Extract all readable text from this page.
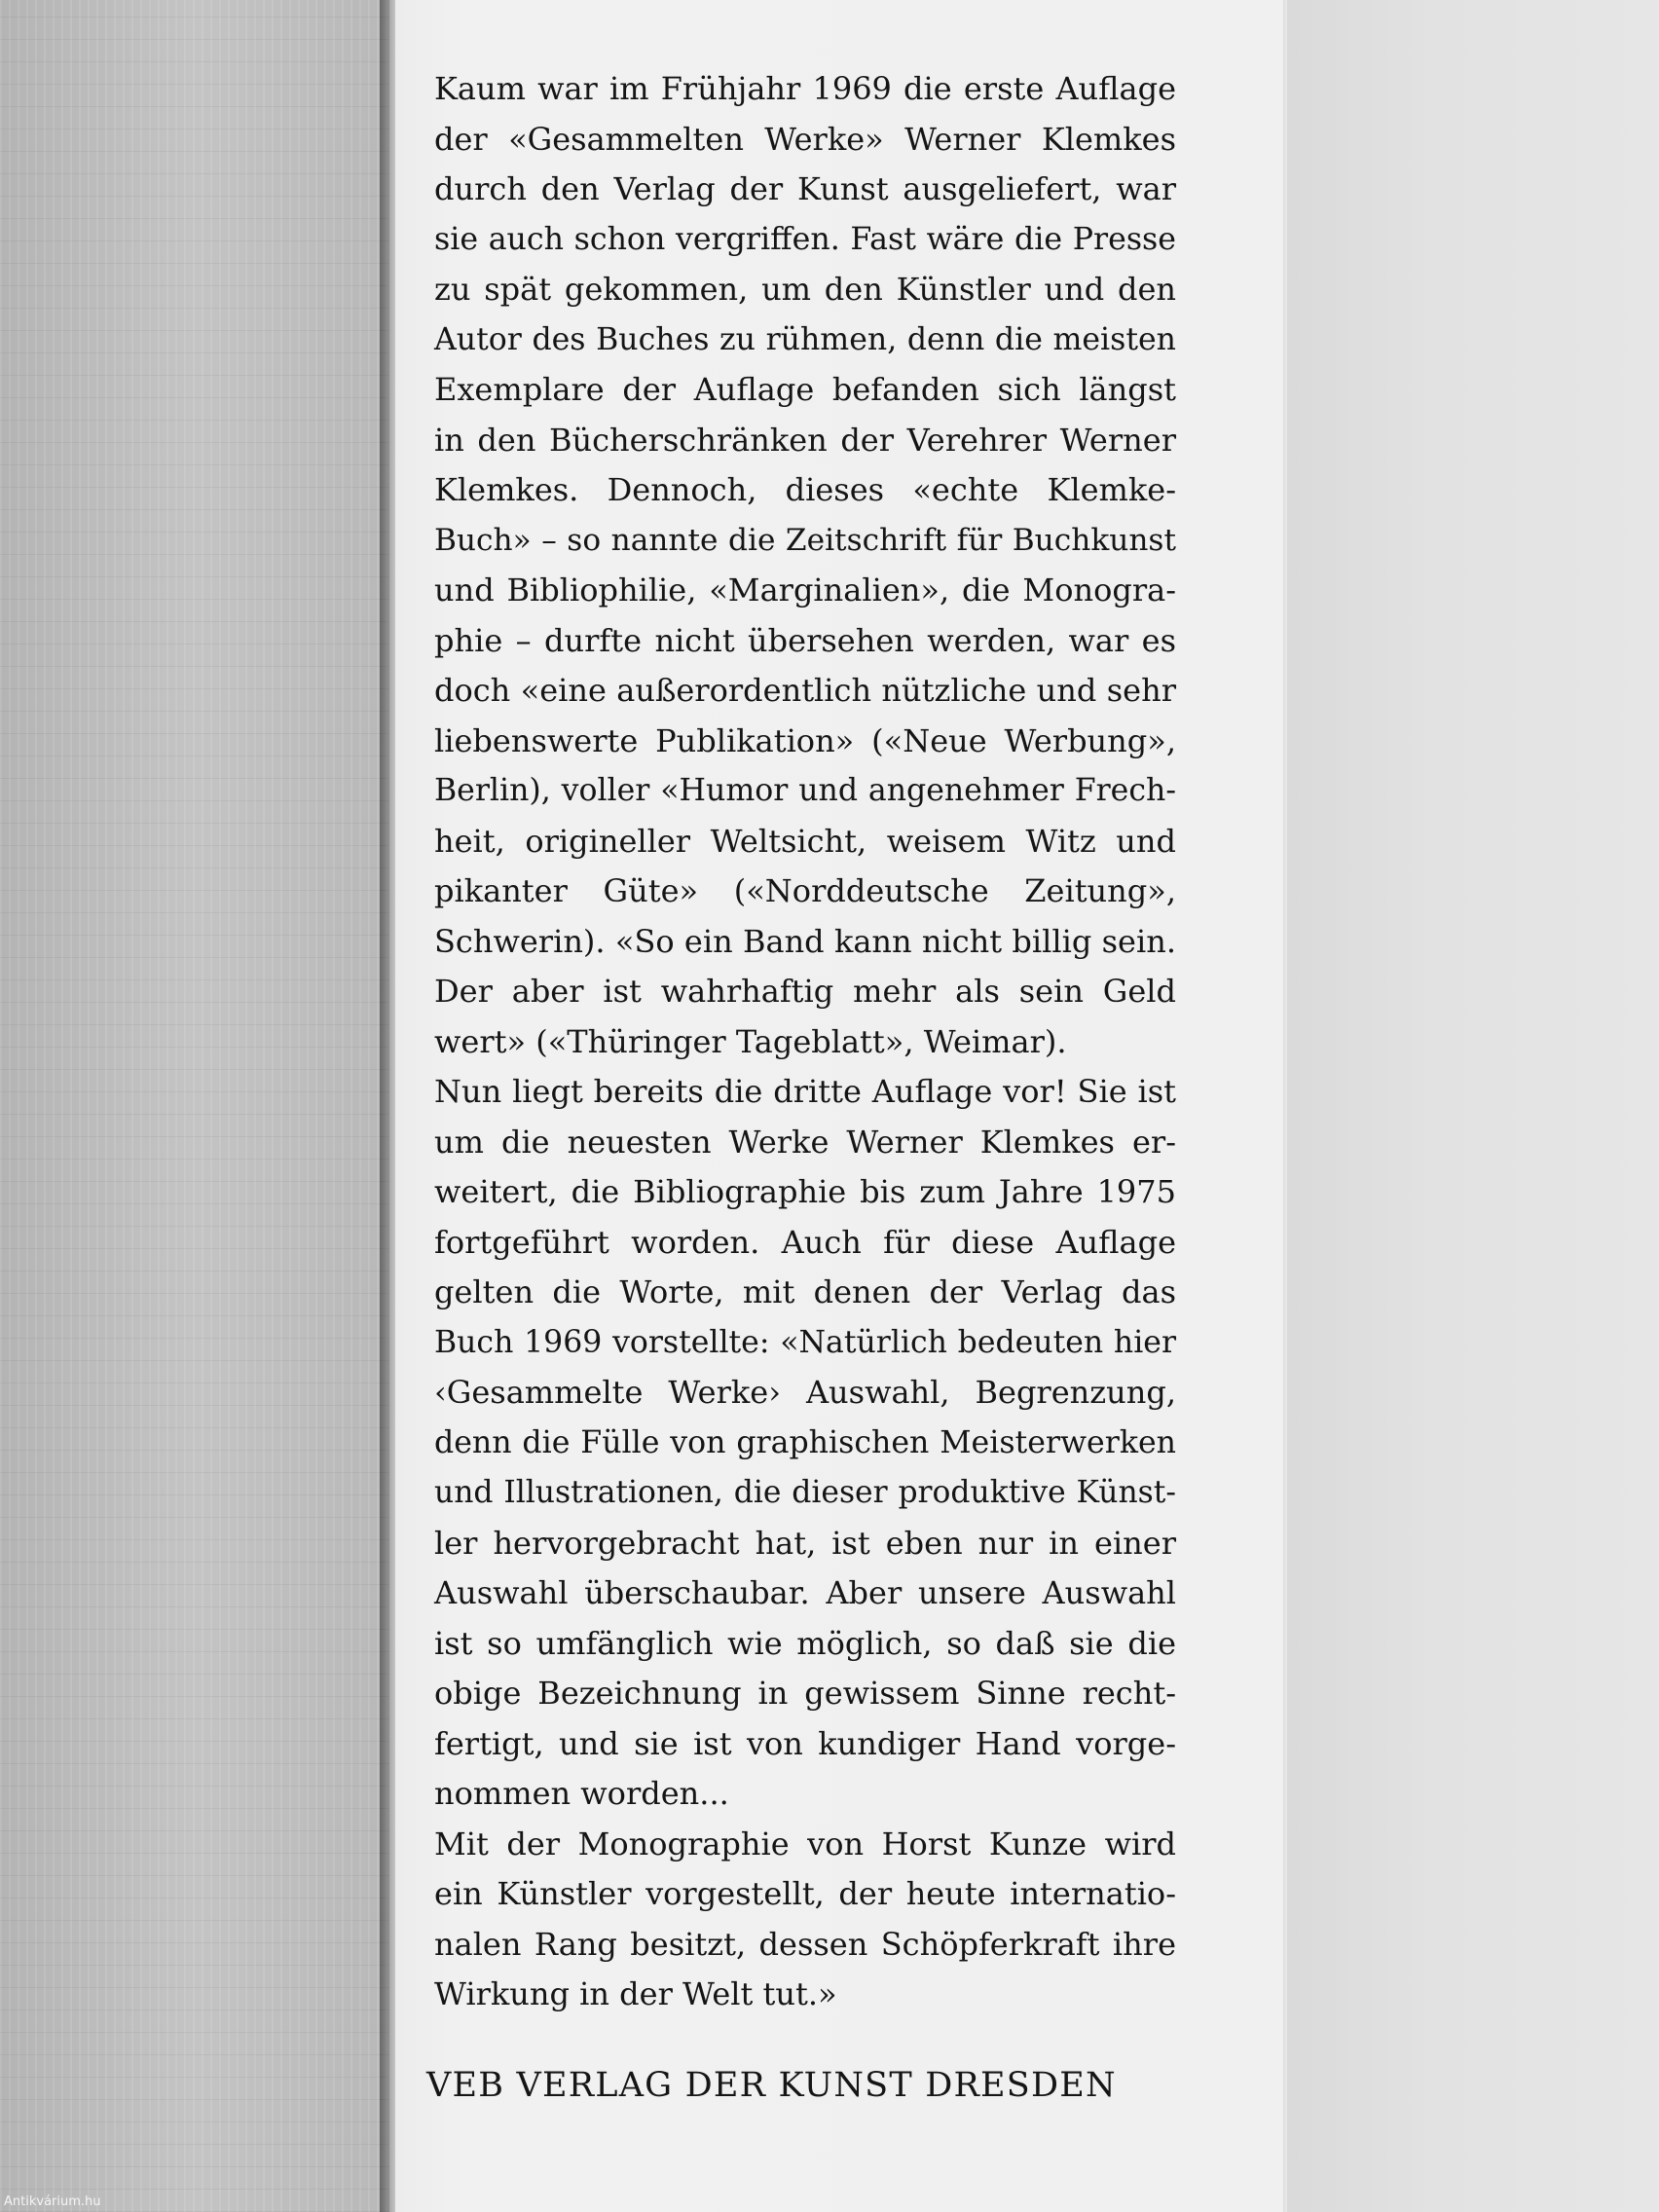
Kaum war im Frühjahr 1969 die erste Auflage
der «Gesammelten Werke» Werner Klemkes
durch den Verlag der Kunst ausgeliefert, war
sie auch schon vergriffen. Fast wäre die Presse
zu spät gekommen, um den Künstler und den
Autor des Buches zu rühmen, denn die meisten
Exemplare der Auflage befanden sich längst
in den Bücherschränken der Verehrer Werner
Klemkes. Dennoch, dieses «echte Klemke-
Buch» – so nannte die Zeitschrift für Buchkunst
und Bibliophilie, «Marginalien», die Monogra-
phie – durfte nicht übersehen werden, war es
doch «eine außerordentlich nützliche und sehr
liebenswerte Publikation» («Neue Werbung»,
Berlin), voller «Humor und angenehmer Frech-
heit, origineller Weltsicht, weisem Witz und
pikanter Güte» («Norddeutsche Zeitung»,
Schwerin). «So ein Band kann nicht billig sein.
Der aber ist wahrhaftig mehr als sein Geld
wert» («Thüringer Tageblatt», Weimar).
Nun liegt bereits die dritte Auflage vor! Sie ist
um die neuesten Werke Werner Klemkes er-
weitert, die Bibliographie bis zum Jahre 1975
fortgeführt worden. Auch für diese Auflage
gelten die Worte, mit denen der Verlag das
Buch 1969 vorstellte: «Natürlich bedeuten hier
‹Gesammelte Werke› Auswahl, Begrenzung,
denn die Fülle von graphischen Meisterwerken
und Illustrationen, die dieser produktive Künst-
ler hervorgebracht hat, ist eben nur in einer
Auswahl überschaubar. Aber unsere Auswahl
ist so umfänglich wie möglich, so daß sie die
obige Bezeichnung in gewissem Sinne recht-
fertigt, und sie ist von kundiger Hand vorge-
nommen worden...
Mit der Monographie von Horst Kunze wird
ein Künstler vorgestellt, der heute internatio-
nalen Rang besitzt, dessen Schöpferkraft ihre
Wirkung in der Welt tut.»
VEB VERLAG DER KUNST DRESDEN
Antikvárium.hu
